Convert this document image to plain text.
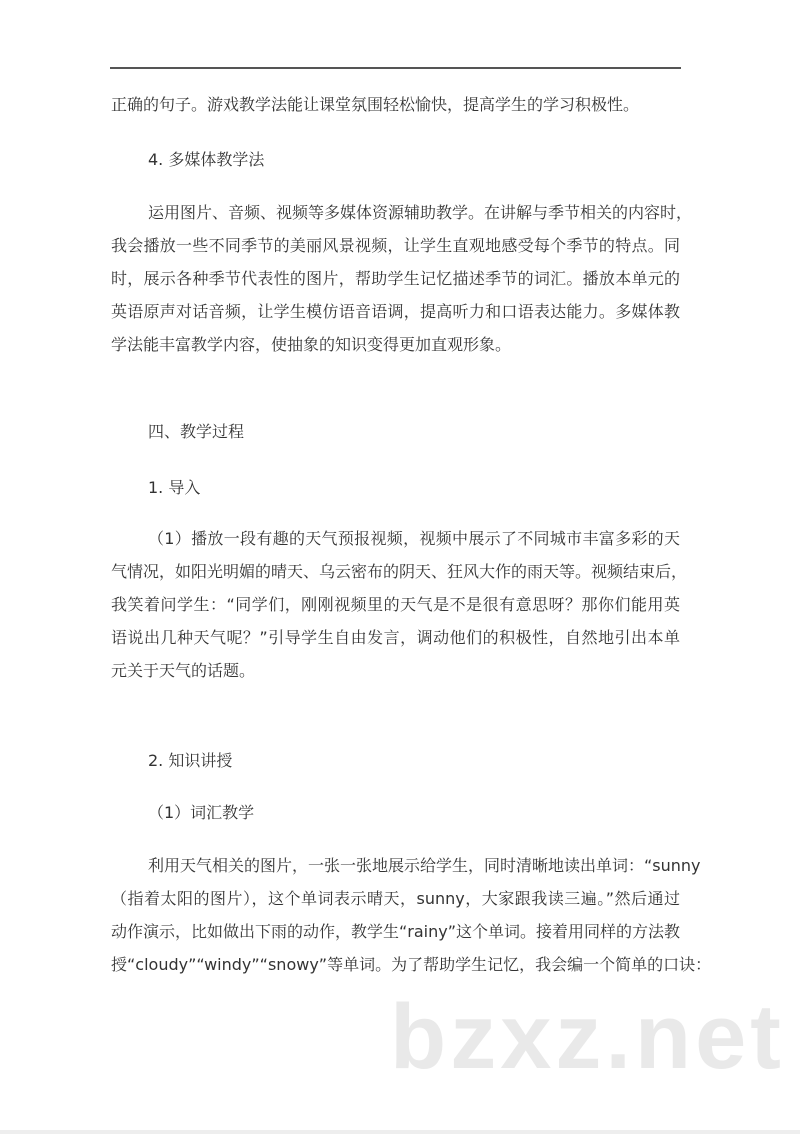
正确的句子。游戏教学法能让课堂氛围轻松愉快，提高学生的学习积极性。
4. 多媒体教学法
运用图片、音频、视频等多媒体资源辅助教学。在讲解与季节相关的内容时，
我会播放一些不同季节的美丽风景视频，让学生直观地感受每个季节的特点。同
时，展示各种季节代表性的图片，帮助学生记忆描述季节的词汇。播放本单元的
英语原声对话音频，让学生模仿语音语调，提高听力和口语表达能力。多媒体教
学法能丰富教学内容，使抽象的知识变得更加直观形象。
四、教学过程
1. 导入
（1）播放一段有趣的天气预报视频，视频中展示了不同城市丰富多彩的天
气情况，如阳光明媚的晴天、乌云密布的阴天、狂风大作的雨天等。视频结束后，
我笑着问学生：“同学们，刚刚视频里的天气是不是很有意思呀？那你们能用英
语说出几种天气呢？”引导学生自由发言，调动他们的积极性，自然地引出本单
元关于天气的话题。
2. 知识讲授
（1）词汇教学
利用天气相关的图片，一张一张地展示给学生，同时清晰地读出单词：“sunny
（指着太阳的图片），这个单词表示晴天，sunny，大家跟我读三遍。”然后通过
动作演示，比如做出下雨的动作，教学生“rainy”这个单词。接着用同样的方法教
授“cloudy”“windy”“snowy”等单词。为了帮助学生记忆，我会编一个简单的口诀：
bzxz.net
